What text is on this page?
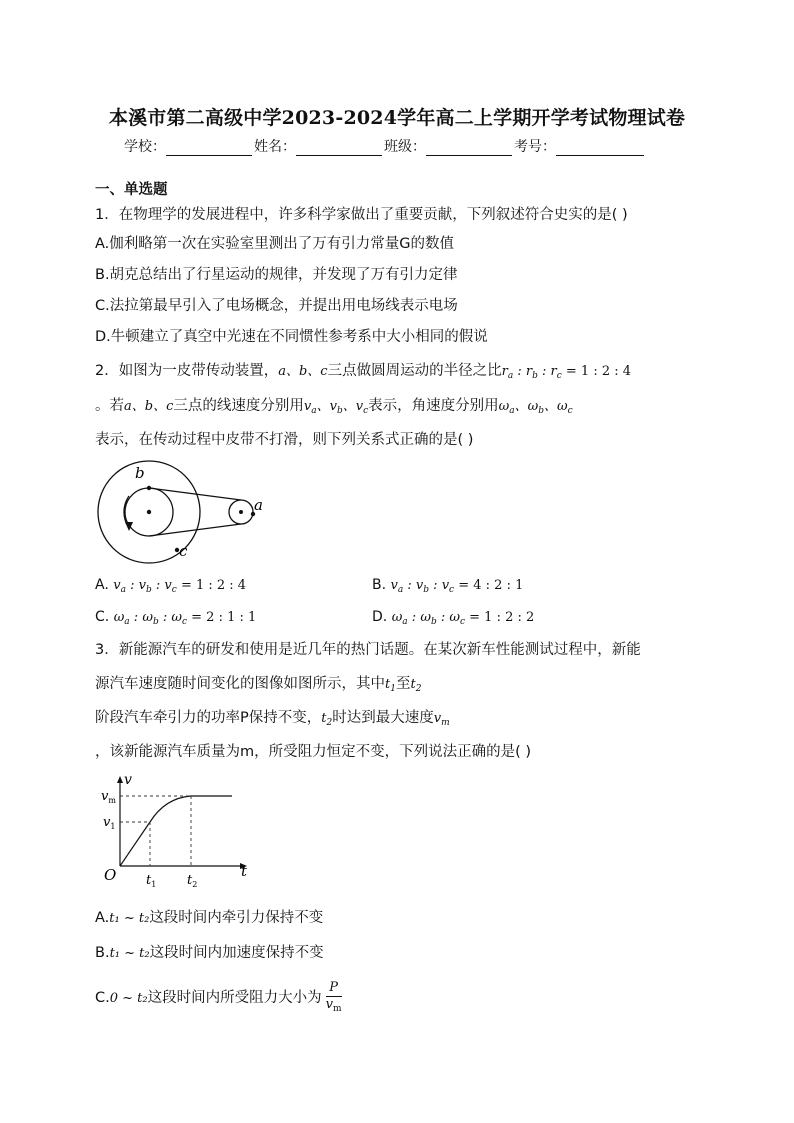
本溪市第二高级中学2023-2024学年高二上学期开学考试物理试卷
学校：	姓名：	班级：	考号：
一、单选题
1．在物理学的发展进程中，许多科学家做出了重要贡献，下列叙述符合史实的是( )
A.伽利略第一次在实验室里测出了万有引力常量G的数值
B.胡克总结出了行星运动的规律，并发现了万有引力定律
C.法拉第最早引入了电场概念，并提出用电场线表示电场
D.牛顿建立了真空中光速在不同惯性参考系中大小相同的假说
2．如图为一皮带传动装置，a、b、c三点做圆周运动的半径之比$r_a$ : $r_b$ : $r_c = 1$ : 2 : 4
。若a、b、c三点的线速度分别用$v_a$、$v_b$、$v_c$表示，角速度分别用$\omega_a$、$\omega_b$、$\omega_c$
表示，在传动过程中皮带不打滑，则下列关系式正确的是( )
b
a
c
A. $v_a$ : $v_b$ : $v_c = 1$ : 2 : 4	B. $v_a$ : $v_b$ : $v_c = 4$ : 2 : 1
C. $\omega_a$ : $\omega_b$ : $\omega_c = 2$ : 1 : 1	D. $\omega_a$ : $\omega_b$ : $\omega_c = 1$ : 2 : 2
3．新能源汽车的研发和使用是近几年的热门话题。在某次新车性能测试过程中，新能
源汽车速度随时间变化的图像如图所示，其中$t_1$至$t_2$
阶段汽车牵引力的功率P保持不变，$t_2$时达到最大速度$v_m$
，该新能源汽车质量为m，所受阻力恒定不变，下列说法正确的是( )
v
$v_m$
$v_1$
O $t_1$ $t_2$
t
A.t₁ ~ t₂这段时间内牵引力保持不变
B.t₁ ~ t₂这段时间内加速度保持不变
C.0 ~ t₂这段时间内所受阻力大小为 $\frac{P}{v_m}$
